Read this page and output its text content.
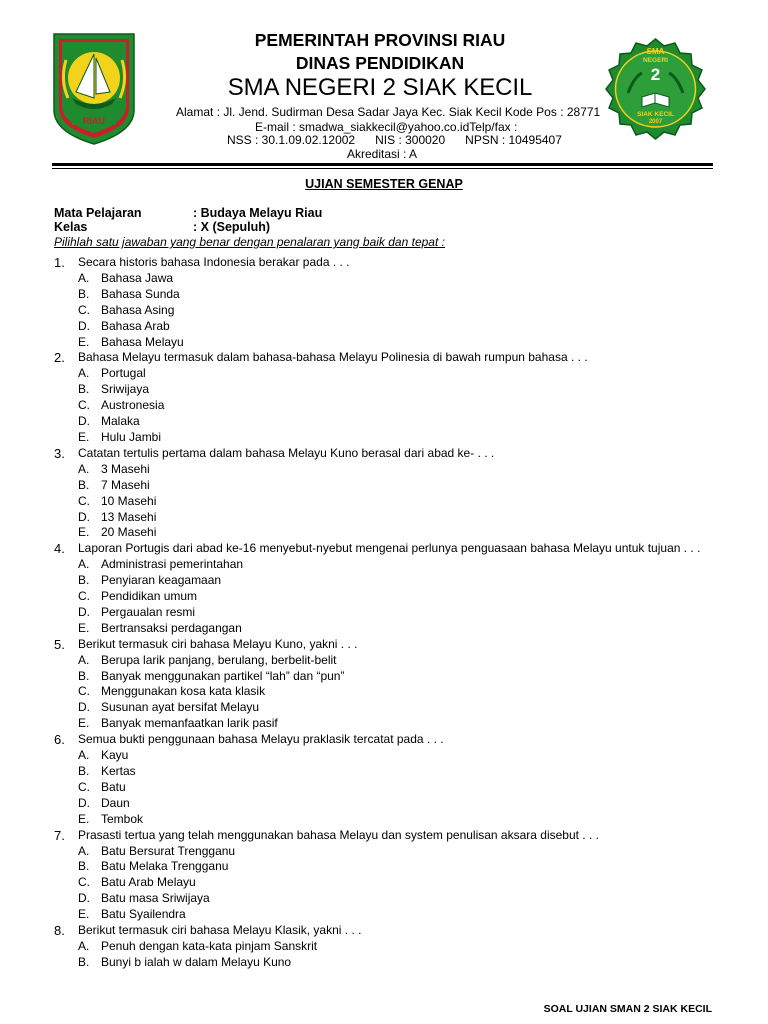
RIAU
PEMERINTAH PROVINSI RIAU
DINAS PENDIDIKAN
SMA NEGERI 2 SIAK KECIL
Alamat : Jl. Jend. Sudirman Desa Sadar Jaya Kec. Siak Kecil Kode Pos : 28771
E-mail : smadwa_siakkecil@yahoo.co.idTelp/fax :
NSS : 30.1.09.02.12002      NIS : 300020      NPSN : 10495407
Akreditasi : A
SMA
NEGERI
2
SIAK KECIL
2007
UJIAN SEMESTER GENAP
Mata Pelajaran	: Budaya Melayu Riau
Kelas	: X (Sepuluh)
Pilihlah satu jawaban yang benar dengan penalaran yang baik dan tepat :
1.	Secara historis bahasa Indonesia berakar pada . . .
A. Bahasa Jawa
B. Bahasa Sunda
C. Bahasa Asing
D. Bahasa Arab
E. Bahasa Melayu
2.	Bahasa Melayu termasuk dalam bahasa-bahasa Melayu Polinesia di bawah rumpun bahasa . . .
A. Portugal
B. Sriwijaya
C. Austronesia
D. Malaka
E. Hulu Jambi
3.	Catatan tertulis pertama dalam bahasa Melayu Kuno berasal dari abad ke- . . .
A. 3 Masehi
B. 7 Masehi
C. 10 Masehi
D. 13 Masehi
E. 20 Masehi
4.	Laporan Portugis dari abad ke-16 menyebut-nyebut mengenai perlunya penguasaan bahasa Melayu untuk tujuan . . .
A. Administrasi pemerintahan
B. Penyiaran keagamaan
C. Pendidikan umum
D. Pergaualan resmi
E. Bertransaksi perdagangan
5.	Berikut termasuk ciri bahasa Melayu Kuno, yakni . . .
A. Berupa larik panjang, berulang, berbelit-belit
B. Banyak menggunakan partikel “lah” dan “pun”
C. Menggunakan kosa kata klasik
D. Susunan ayat bersifat Melayu
E. Banyak memanfaatkan larik pasif
6.	Semua bukti penggunaan bahasa Melayu praklasik tercatat pada . . .
A. Kayu
B. Kertas
C. Batu
D. Daun
E. Tembok
7.	Prasasti tertua yang telah menggunakan bahasa Melayu dan system penulisan aksara disebut . . .
A. Batu Bersurat Trengganu
B. Batu Melaka Trengganu
C. Batu Arab Melayu
D. Batu masa Sriwijaya
E. Batu Syailendra
8.	Berikut termasuk ciri bahasa Melayu Klasik, yakni . . .
A. Penuh dengan kata-kata pinjam Sanskrit
B. Bunyi b ialah w dalam Melayu Kuno
SOAL UJIAN SMAN 2 SIAK KECIL
